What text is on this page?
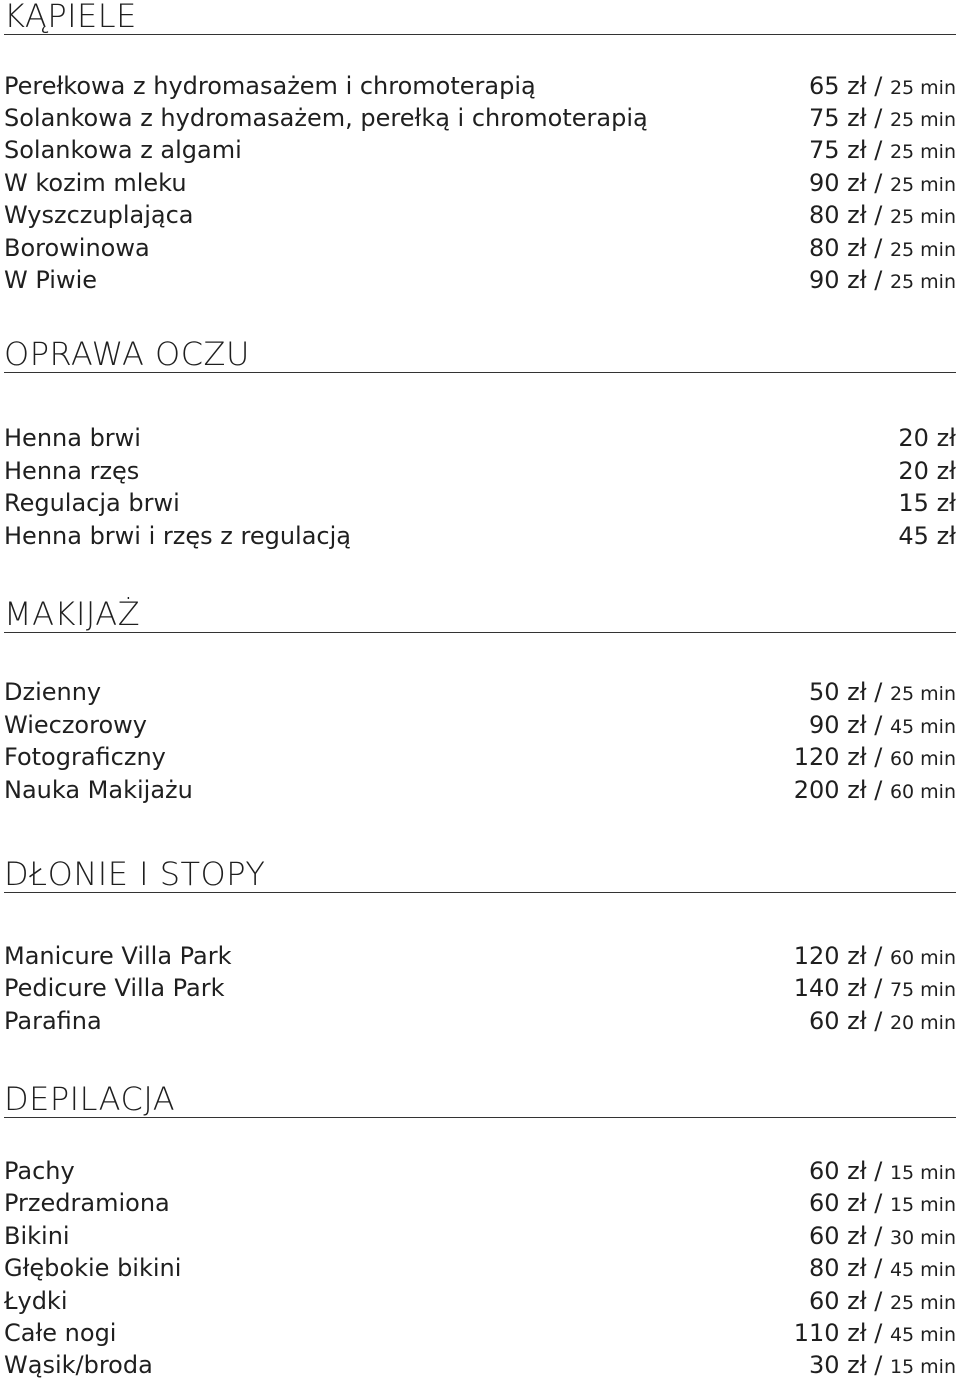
KĄPIELE
Perełkowa z hydromasażem i chromoterapią	65 zł / 25 min
Solankowa z hydromasażem, perełką i chromoterapią	75 zł / 25 min
Solankowa z algami	75 zł / 25 min
W kozim mleku	90 zł / 25 min
Wyszczuplająca	80 zł / 25 min
Borowinowa	80 zł / 25 min
W Piwie	90 zł / 25 min
OPRAWA OCZU
Henna brwi	20 zł
Henna rzęs	20 zł
Regulacja brwi	15 zł
Henna brwi i rzęs z regulacją	45 zł
MAKIJAŻ
Dzienny	50 zł / 25 min
Wieczorowy	90 zł / 45 min
Fotograficzny	120 zł / 60 min
Nauka Makijażu	200 zł / 60 min
DŁONIE I STOPY
Manicure Villa Park	120 zł / 60 min
Pedicure Villa Park	140 zł / 75 min
Parafina	60 zł / 20 min
DEPILACJA
Pachy	60 zł / 15 min
Przedramiona	60 zł / 15 min
Bikini	60 zł / 30 min
Głębokie bikini	80 zł / 45 min
Łydki	60 zł / 25 min
Całe nogi	110 zł / 45 min
Wąsik/broda	30 zł / 15 min
